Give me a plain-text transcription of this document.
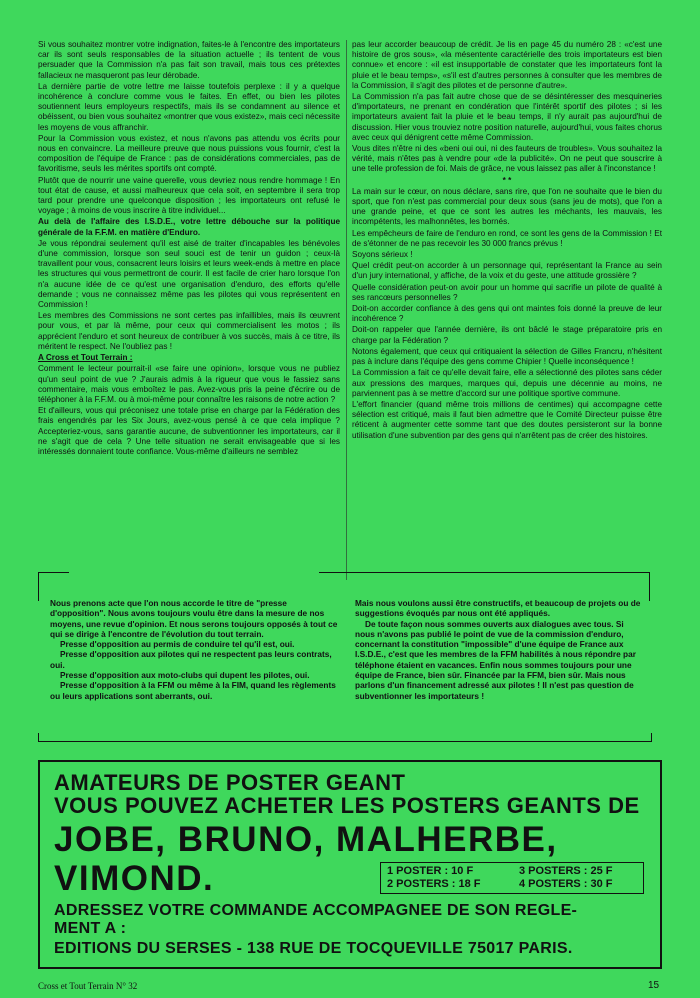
Si vous souhaitez montrer votre indignation, faites-le à l'encontre des importateurs car ils sont seuls responsables de la situation actuelle ; ils tentent de vous persuader que la Commission n'a pas fait son travail, mais tous ces prétextes fallacieux ne masqueront pas leur dérobade.

La dernière partie de votre lettre me laisse toutefois perplexe : il y a quelque incohérence à conclure comme vous le faites. En effet, ou bien les pilotes soutiennent leurs employeurs respectifs, mais ils se condamnent au silence et obéissent, ou bien vous souhaitez «montrer que vous existez», mais ceci nécessite les moyens de vous affranchir.

Pour la Commission vous existez, et nous n'avons pas attendu vos écrits pour nous en convaincre. La meilleure preuve que nous puissions vous fournir, c'est la composition de l'équipe de France : pas de considérations commerciales, pas de favoritisme, seuls les mérites sportifs ont compté.

Plutôt que de nourrir une vaine querelle, vous devriez nous rendre hommage ! En tout état de cause, et aussi malheureux que cela soit, en septembre il sera trop tard pour prendre une quelconque disposition ; les importateurs ont refusé le voyage ; à moins de vous inscrire à titre individuel...

Au delà de l'affaire des I.S.D.E., votre lettre débouche sur la politique générale de la F.F.M. en matière d'Enduro.

Je vous répondrai seulement qu'il est aisé de traiter d'incapables les bénévoles d'une commission, lorsque son seul souci est de tenir un guidon ; ceux-là travaillent pour vous, consacrent leurs loisirs et leurs week-ends à mettre en place les structures qui vous permettront de courir. Il est facile de crier haro lorsque l'on n'a aucune idée de ce qu'est une organisation d'enduro, des efforts qu'elle demande ; vous ne connaissez même pas les pilotes qui vous représentent en Commission !

Les membres des Commissions ne sont certes pas infaillibles, mais ils œuvrent pour vous, et par là même, pour ceux qui commercialisent les motos ; ils apprécient l'enduro et sont heureux de contribuer à vos succès, mais à ce titre, ils méritent le respect. Ne l'oubliez pas !

A Cross et Tout Terrain :

Comment le lecteur pourrait-il «se faire une opinion», lorsque vous ne publiez qu'un seul point de vue ? J'aurais admis à la rigueur que vous le fassiez sans commentaire, mais vous emboîtez le pas. Avez-vous pris la peine d'écrire ou de téléphoner à la F.F.M. ou à moi-même pour connaître les raisons de notre action ?

Et d'ailleurs, vous qui préconisez une totale prise en charge par la Fédération des frais engendrés par les Six Jours, avez-vous pensé à ce que cela implique ? Accepteriez-vous, sans garantie aucune, de subventionner les importateurs, car il ne s'agit que de cela ? Une telle situation ne serait envisageable que si les intéressés donnaient toute confiance. Vous-même d'ailleurs ne semblez

pas leur accorder beaucoup de crédit. Je lis en page 45 du numéro 28 : «c'est une histoire de gros sous», «la mésentente caractérielle des trois importateurs est bien connue» et encore : «il est insupportable de constater que les importateurs font la pluie et le beau temps», «s'il est d'autres personnes à consulter que les membres de la Commission, il s'agit des pilotes et de personne d'autre».

La Commission n'a pas fait autre chose que de se désintéresser des mesquineries d'importateurs, ne prenant en condération que l'intérêt sportif des pilotes ; si les importateurs avaient fait la pluie et le beau temps, il n'y aurait pas aujourd'hui de discussion. Hier vous trouviez notre position naturelle, aujourd'hui, vous faites chorus avec ceux qui dénigrent cette même Commission.

Vous dites n'être ni des «beni oui oui, ni des fauteurs de troubles». Vous souhaitez la vérité, mais n'êtes pas à vendre pour «de la publicité». On ne peut que souscrire à une telle profession de foi. Mais de grâce, ne vous laissez pas aller à l'inconstance !

* *

La main sur le cœur, on nous déclare, sans rire, que l'on ne souhaite que le bien du sport, que l'on n'est pas commercial pour deux sous (sans jeu de mots), que l'on a une grande peine, et que ce sont les autres les méchants, les mauvais, les incompétents, les malhonnêtes, les bornés.

Les empêcheurs de faire de l'enduro en rond, ce sont les gens de la Commission ! Et de s'étonner de ne pas recevoir les 30 000 francs prévus !

Soyons sérieux !

Quel crédit peut-on accorder à un personnage qui, représentant la France au sein d'un jury international, y affiche, de la voix et du geste, une attitude grossière ?

Quelle considération peut-on avoir pour un homme qui sacrifie un pilote de qualité à ses rancœurs personnelles ?

Doit-on accorder confiance à des gens qui ont maintes fois donné la preuve de leur incohérence ?

Doit-on rappeler que l'année dernière, ils ont bâclé le stage préparatoire pris en charge par la Fédération ?

Notons également, que ceux qui critiquaient la sélection de Gilles Francru, n'hésitent pas à inclure dans l'équipe des gens comme Chipier ! Quelle inconséquence !

La Commission a fait ce qu'elle devait faire, elle a sélectionné des pilotes sans céder aux pressions des marques, marques qui, depuis une décennie au moins, ne parviennent pas à se mettre d'accord sur une politique sportive commune.

L'effort financier (quand même trois millions de centimes) qui accompagne cette sélection est critiqué, mais il faut bien admettre que le Comité Directeur puisse être réticent à augmenter cette somme tant que des doutes persisteront sur la bonne utilisation d'une subvention par des gens qui n'arrêtent pas de créer des histoires.

Nous prenons acte que l'on nous accorde le titre de "presse d'opposition". Nous avons toujours voulu être dans la mesure de nos moyens, une revue d'opinion. Et nous serons toujours opposés à tout ce qui se dirige à l'encontre de l'évolution du tout terrain.

Presse d'opposition au permis de conduire tel qu'il est, oui.

Presse d'opposition aux pilotes qui ne respectent pas leurs contrats, oui.

Presse d'opposition aux moto-clubs qui dupent les pilotes, oui.

Presse d'opposition à la FFM ou même à la FIM, quand les règlements ou leurs applications sont aberrants, oui.

Mais nous voulons aussi être constructifs, et beaucoup de projets ou de suggestions évoqués par nous ont été appliqués.

De toute façon nous sommes ouverts aux dialogues avec tous. Si nous n'avons pas publié le point de vue de la commission d'enduro, concernant la constitution "impossible" d'une équipe de France aux I.S.D.E., c'est que les membres de la FFM habilités à nous répondre par téléphone étaient en vacances. Enfin nous sommes toujours pour une équipe de France, bien sûr. Financée par la FFM, bien sûr. Mais nous parlons d'un financement adressé aux pilotes ! Il n'est pas question de subventionner les importateurs !

AMATEURS DE POSTER GEANT
VOUS POUVEZ ACHETER LES POSTERS GEANTS DE
JOBE, BRUNO, MALHERBE,
VIMOND.	1 POSTER : 10 F
2 POSTERS : 18 F
3 POSTERS : 25 F
4 POSTERS : 30 F
ADRESSEZ VOTRE COMMANDE ACCOMPAGNEE DE SON REGLE-
MENT A :
EDITIONS DU SERSES - 138 RUE DE TOCQUEVILLE 75017 PARIS.
Cross et Tout Terrain N° 32	15
